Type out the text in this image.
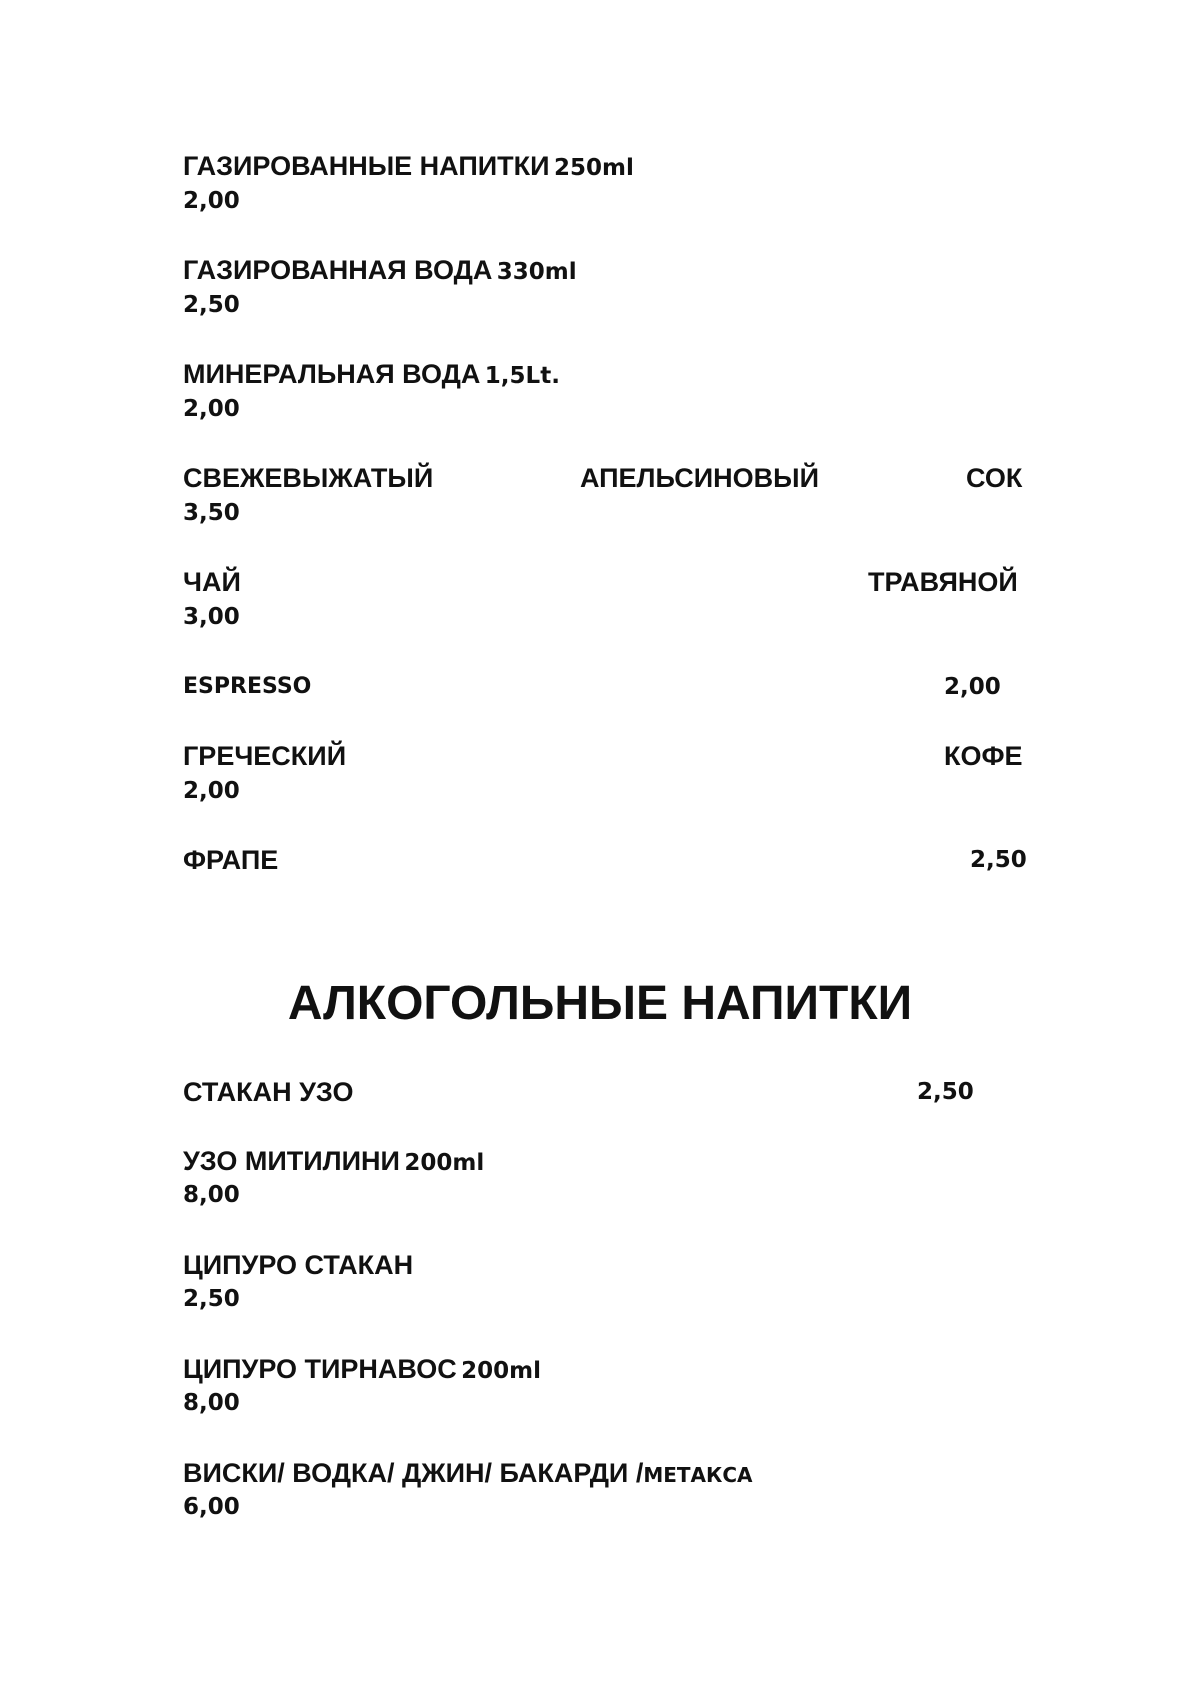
ГАЗИРОВАННЫЕ НАПИТКИ 250ml
2,00
ГАЗИРОВАННАЯ ВОДА 330ml
2,50
МИНЕРАЛЬНАЯ ВОДА 1,5Lt.
2,00
СВЕЖЕВЫЖАТЫЙ	АПЕЛЬСИНОВЫЙ	СОК
3,50
ЧАЙ	ТРАВЯНОЙ
3,00
ESPRESSO	2,00
ГРЕЧЕСКИЙ	КОФЕ
2,00
ФРАПЕ	2,50
АЛКОГОЛЬНЫЕ НАПИТКИ
СТАКАН УЗО	2,50
УЗО МИТИЛИНИ 200ml
8,00
ЦИПУРО СТАКАН
2,50
ЦИПУРО ТИРНАВОС 200ml
8,00
ВИСКИ/ ВОДКА/ ДЖИН/ БАКАРДИ /МЕТАКСА
6,00
